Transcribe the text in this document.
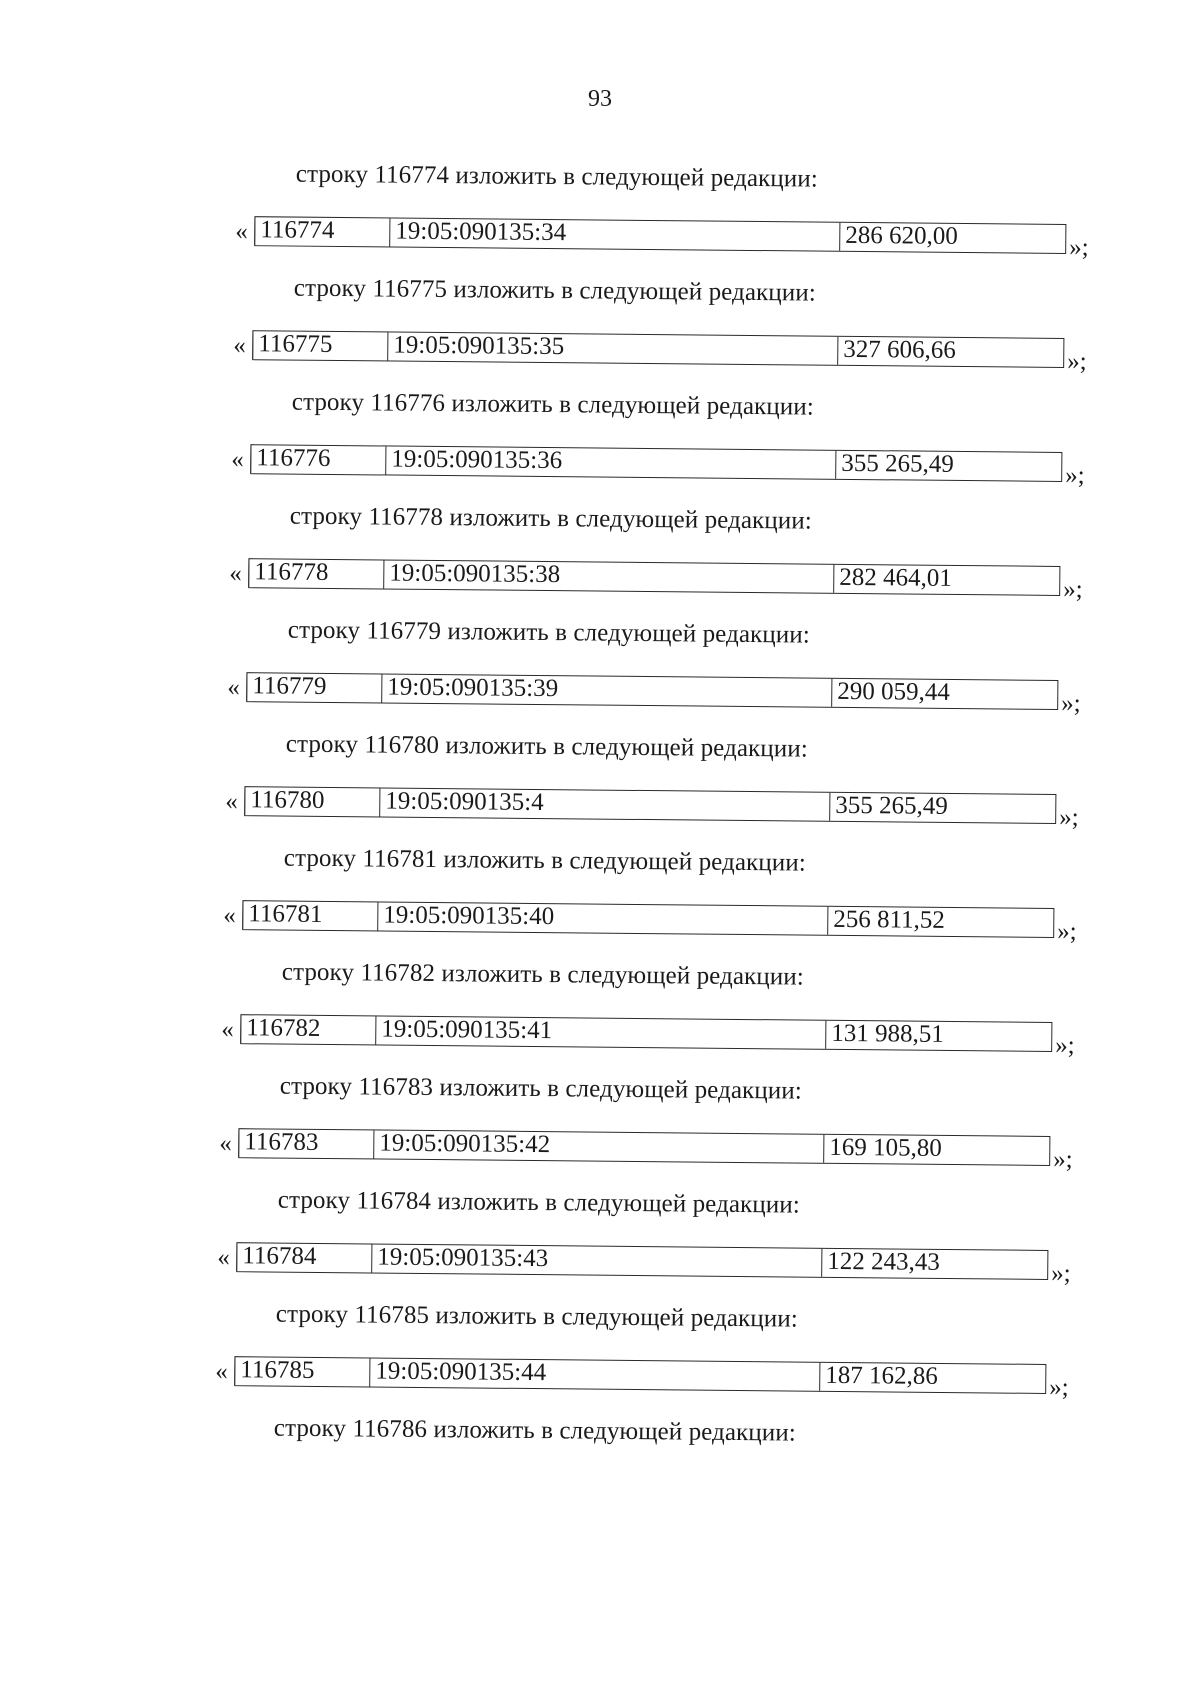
93
строку 116774 изложить в следующей редакции:
« 116774	19:05:090135:34	286 620,00	»;
строку 116775 изложить в следующей редакции:
« 116775	19:05:090135:35	327 606,66	»;
строку 116776 изложить в следующей редакции:
« 116776	19:05:090135:36	355 265,49	»;
строку 116778 изложить в следующей редакции:
« 116778	19:05:090135:38	282 464,01	»;
строку 116779 изложить в следующей редакции:
« 116779	19:05:090135:39	290 059,44	»;
строку 116780 изложить в следующей редакции:
« 116780	19:05:090135:4	355 265,49	»;
строку 116781 изложить в следующей редакции:
« 116781	19:05:090135:40	256 811,52	»;
строку 116782 изложить в следующей редакции:
« 116782	19:05:090135:41	131 988,51	»;
строку 116783 изложить в следующей редакции:
« 116783	19:05:090135:42	169 105,80	»;
строку 116784 изложить в следующей редакции:
« 116784	19:05:090135:43	122 243,43	»;
строку 116785 изложить в следующей редакции:
« 116785	19:05:090135:44	187 162,86	»;
строку 116786 изложить в следующей редакции:
